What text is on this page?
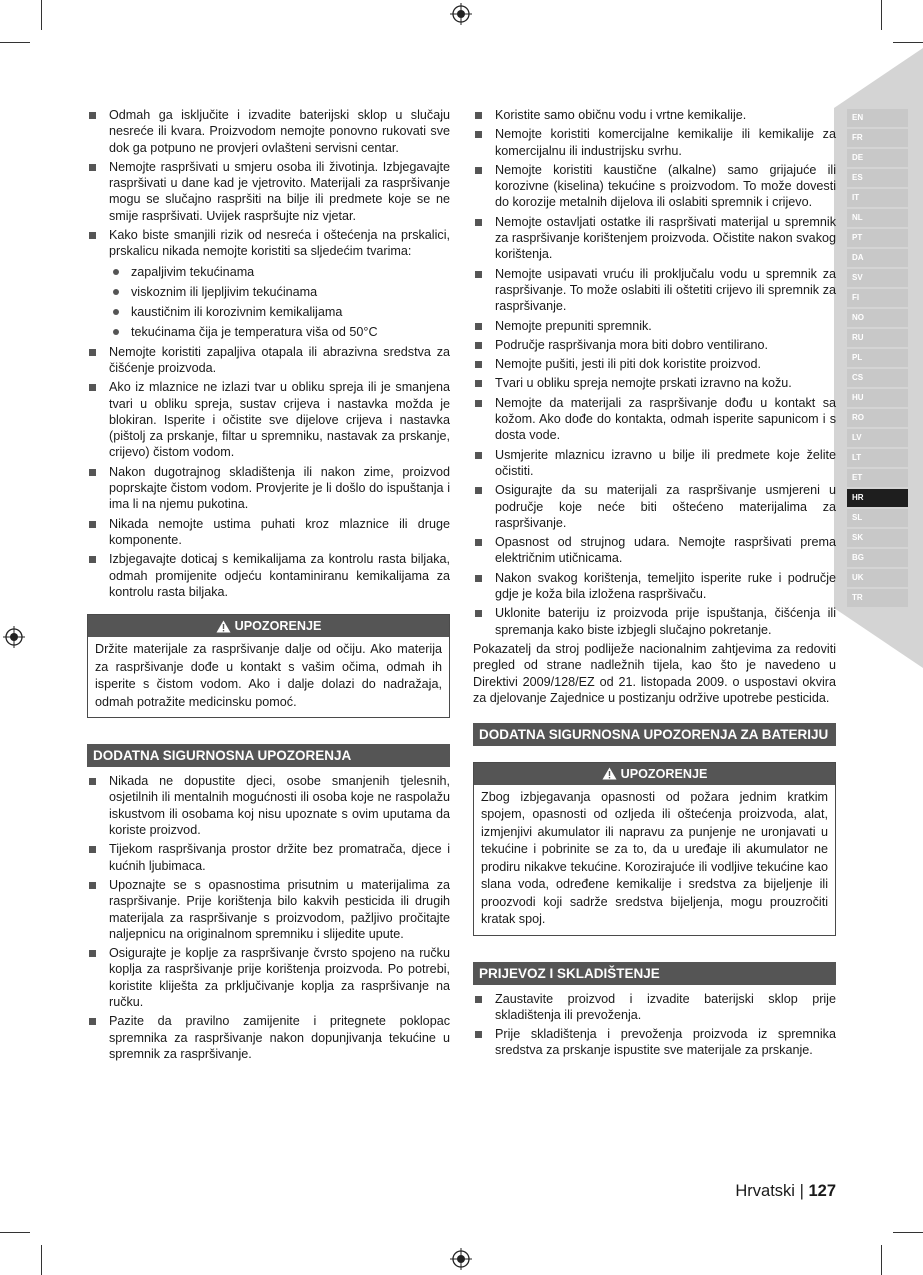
EN
FR
DE
ES
IT
NL
PT
DA
SV
FI
NO
RU
PL
CS
HU
RO
LV
LT
ET
HR
SL
SK
BG
UK
TR
Odmah ga isključite i izvadite baterijski sklop u slučaju nesreće ili kvara. Proizvodom nemojte ponovno rukovati sve dok ga potpuno ne provjeri ovlašteni servisni centar.
Nemojte raspršivati u smjeru osoba ili životinja. Izbjegavajte raspršivati u dane kad je vjetrovito. Materijali za raspršivanje mogu se slučajno raspršiti na bilje ili predmete koje se ne smije raspršivati. Uvijek raspršujte niz vjetar.
Kako biste smanjili rizik od nesreća i oštećenja na prskalici, prskalicu nikada nemojte koristiti sa sljedećim tvarima:
zapaljivim tekućinama
viskoznim ili ljepljivim tekućinama
kaustičnim ili korozivnim kemikalijama
tekućinama čija je temperatura viša od 50°C
Nemojte koristiti zapaljiva otapala ili abrazivna sredstva za čišćenje proizvoda.
Ako iz mlaznice ne izlazi tvar u obliku spreja ili je smanjena tvari u obliku spreja, sustav crijeva i nastavka možda je blokiran. Isperite i očistite sve dijelove crijeva i nastavka (pištolj za prskanje, filtar u spremniku, nastavak za prskanje, crijevo) čistom vodom.
Nakon dugotrajnog skladištenja ili nakon zime, proizvod poprskajte čistom vodom. Provjerite je li došlo do ispuštanja i ima li na njemu pukotina.
Nikada nemojte ustima puhati kroz mlaznice ili druge komponente.
Izbjegavajte doticaj s kemikalijama za kontrolu rasta biljaka, odmah promijenite odjeću kontaminiranu kemikalijama za kontrolu rasta biljaka.
UPOZORENJE
Držite materijale za raspršivanje dalje od očiju. Ako materija za raspršivanje dođe u kontakt s vašim očima, odmah ih isperite s čistom vodom. Ako i dalje dolazi do nadražaja, odmah potražite medicinsku pomoć.
DODATNA SIGURNOSNA UPOZORENJA
Nikada ne dopustite djeci, osobe smanjenih tjelesnih, osjetilnih ili mentalnih mogućnosti ili osoba koje ne raspolažu iskustvom ili osobama koj nisu upoznate s ovim uputama da koriste proizvod.
Tijekom raspršivanja prostor držite bez promatrača, djece i kućnih ljubimaca.
Upoznajte se s opasnostima prisutnim u materijalima za raspršivanje. Prije korištenja bilo kakvih pesticida ili drugih materijala za raspršivanje s proizvodom, pažljivo pročitajte naljepnicu na originalnom spremniku i slijedite upute.
Osigurajte je koplje za raspršivanje čvrsto spojeno na ručku koplja za raspršivanje prije korištenja proizvoda. Po potrebi, koristite kliješta za prključivanje koplja za raspršivanje na ručku.
Pazite da pravilno zamijenite i pritegnete poklopac spremnika za raspršivanje nakon dopunjivanja tekućine u spremnik za raspršivanje.
Koristite samo običnu vodu i vrtne kemikalije.
Nemojte koristiti komercijalne kemikalije ili kemikalije za komercijalnu ili industrijsku svrhu.
Nemojte koristiti kaustične (alkalne) samo grijajuće ili korozivne (kiselina) tekućine s proizvodom. To može dovesti do korozije metalnih dijelova ili oslabiti spremnik i crijevo.
Nemojte ostavljati ostatke ili raspršivati materijal u spremnik za raspršivanje korištenjem proizvoda. Očistite nakon svakog korištenja.
Nemojte usipavati vruću ili proključalu vodu u spremnik za raspršivanje. To može oslabiti ili oštetiti crijevo ili spremnik za raspršivanje.
Nemojte prepuniti spremnik.
Područje raspršivanja mora biti dobro ventilirano.
Nemojte pušiti, jesti ili piti dok koristite proizvod.
Tvari u obliku spreja nemojte prskati izravno na kožu.
Nemojte da materijali za raspršivanje dođu u kontakt sa kožom. Ako dođe do kontakta, odmah isperite sapunicom i s dosta vode.
Usmjerite mlaznicu izravno u bilje ili predmete koje želite očistiti.
Osigurajte da su materijali za raspršivanje usmjereni u područje koje neće biti oštećeno materijalima za raspršivanje.
Opasnost od strujnog udara. Nemojte raspršivati prema električnim utičnicama.
Nakon svakog korištenja, temeljito isperite ruke i područje gdje je koža bila izložena raspršivaču.
Uklonite bateriju iz proizvoda prije ispuštanja, čišćenja ili spremanja kako biste izbjegli slučajno pokretanje.

Pokazatelj da stroj podliježe nacionalnim zahtjevima za redoviti pregled od strane nadležnih tijela, kao što je navedeno u Direktivi 2009/128/EZ od 21. listopada 2009. o uspostavi okvira za djelovanje Zajednice u postizanju održive upotrebe pesticida.

DODATNA SIGURNOSNA UPOZORENJA ZA BATERIJU
UPOZORENJE
Zbog izbjegavanja opasnosti od požara jednim kratkim spojem, opasnosti od ozljeda ili oštećenja proizvoda, alat, izmjenjivi akumulator ili napravu za punjenje ne uronjavati u tekućine i pobrinite se za to, da u uređaje ili akumulator ne prodiru nikakve tekućine. Korozirajuće ili vodljive tekućine kao slana voda, određene kemikalije i sredstva za bijeljenje ili proozvodi koji sadrže sredstva bijeljenja, mogu prouzročiti kratak spoj.
PRIJEVOZ I SKLADIŠTENJE
Zaustavite proizvod i izvadite baterijski sklop prije skladištenja ili prevoženja.
Prije skladištenja i prevoženja proizvoda iz spremnika sredstva za prskanje ispustite sve materijale za prskanje.
Hrvatski | 127
